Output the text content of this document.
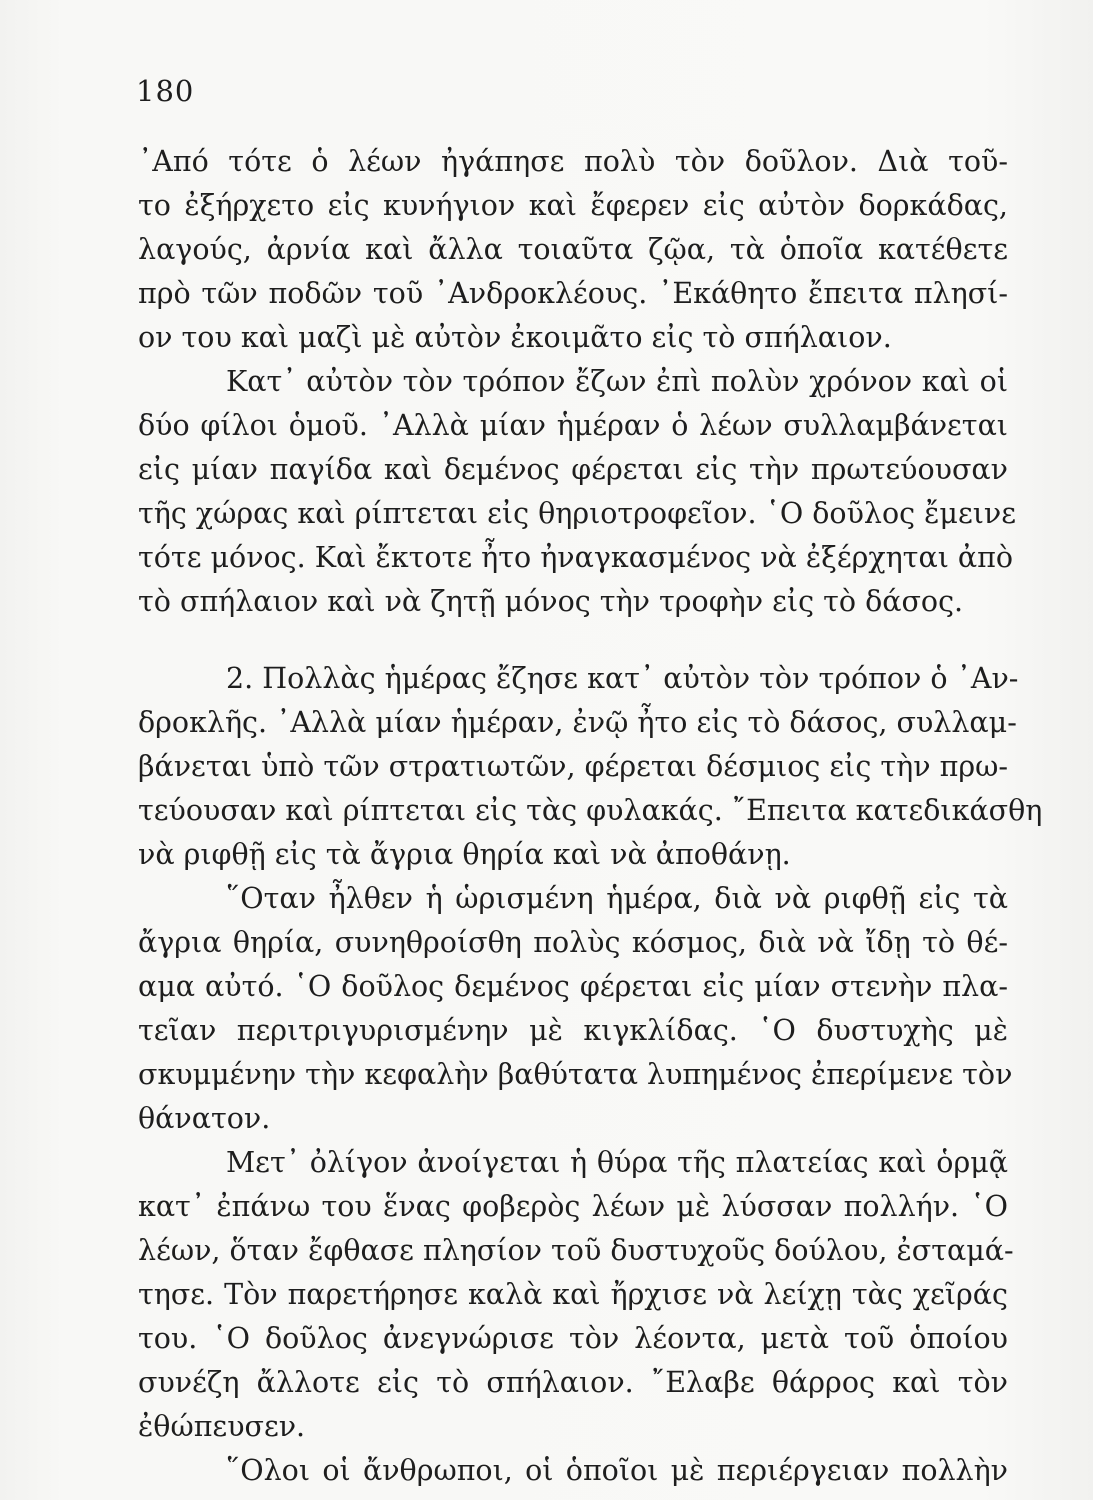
180
᾿Από τότε ὁ λέων ἠγάπησε πολὺ τὸν δοῦλον. Διὰ τοῦ-
το ἐξήρχετο εἰς κυνήγιον καὶ ἔφερεν εἰς αὐτὸν δορκάδας,
λαγούς, ἀρνία καὶ ἄλλα τοιαῦτα ζῷα, τὰ ὁποῖα κατέθετε
πρὸ τῶν ποδῶν τοῦ ᾿Ανδροκλέους. ᾿Εκάθητο ἔπειτα πλησί-
ον του καὶ μαζὶ μὲ αὐτὸν ἐκοιμᾶτο εἰς τὸ σπήλαιον.
Κατ᾿ αὐτὸν τὸν τρόπον ἔζων ἐπὶ πολὺν χρόνον καὶ οἱ
δύο φίλοι ὁμοῦ. ᾿Αλλὰ μίαν ἡμέραν ὁ λέων συλλαμβάνεται
εἰς μίαν παγίδα καὶ δεμένος φέρεται εἰς τὴν πρωτεύουσαν
τῆς χώρας καὶ ρίπτεται εἰς θηριοτροφεῖον. ῾Ο δοῦλος ἔμεινε
τότε μόνος. Καὶ ἔκτοτε ἦτο ἠναγκασμένος νὰ ἐξέρχηται ἀπὸ
τὸ σπήλαιον καὶ νὰ ζητῇ μόνος τὴν τροφὴν εἰς τὸ δάσος.
2. Πολλὰς ἡμέρας ἔζησε κατ᾿ αὐτὸν τὸν τρόπον ὁ ᾿Αν-
δροκλῆς. ᾿Αλλὰ μίαν ἡμέραν, ἐνῷ ἦτο εἰς τὸ δάσος, συλλαμ-
βάνεται ὑπὸ τῶν στρατιωτῶν, φέρεται δέσμιος εἰς τὴν πρω-
τεύουσαν καὶ ρίπτεται εἰς τὰς φυλακάς. ῎Επειτα κατεδικάσθη
νὰ ριφθῇ εἰς τὰ ἄγρια θηρία καὶ νὰ ἀποθάνῃ.
῞Οταν ἦλθεν ἡ ὡρισμένη ἡμέρα, διὰ νὰ ριφθῇ εἰς τὰ
ἄγρια θηρία, συνηθροίσθη πολὺς κόσμος, διὰ νὰ ἴδῃ τὸ θέ-
αμα αὐτό. ῾Ο δοῦλος δεμένος φέρεται εἰς μίαν στενὴν πλα-
τεῖαν περιτριγυρισμένην μὲ κιγκλίδας. ῾Ο δυστυχὴς μὲ
σκυμμένην τὴν κεφαλὴν βαθύτατα λυπημένος ἐπερίμενε τὸν
θάνατον.
Μετ᾿ ὀλίγον ἀνοίγεται ἡ θύρα τῆς πλατείας καὶ ὁρμᾷ
κατ᾿ ἐπάνω του ἕνας φοβερὸς λέων μὲ λύσσαν πολλήν. ῾Ο
λέων, ὅταν ἔφθασε πλησίον τοῦ δυστυχοῦς δούλου, ἐσταμά-
τησε. Τὸν παρετήρησε καλὰ καὶ ἤρχισε νὰ λείχῃ τὰς χεῖράς
του. ῾Ο δοῦλος ἀνεγνώρισε τὸν λέοντα, μετὰ τοῦ ὁποίου
συνέζη ἄλλοτε εἰς τὸ σπήλαιον. ῎Ελαβε θάρρος καὶ τὸν
ἐθώπευσεν.
῞Ολοι οἱ ἄνθρωποι, οἱ ὁποῖοι μὲ περιέργειαν πολλὴν
